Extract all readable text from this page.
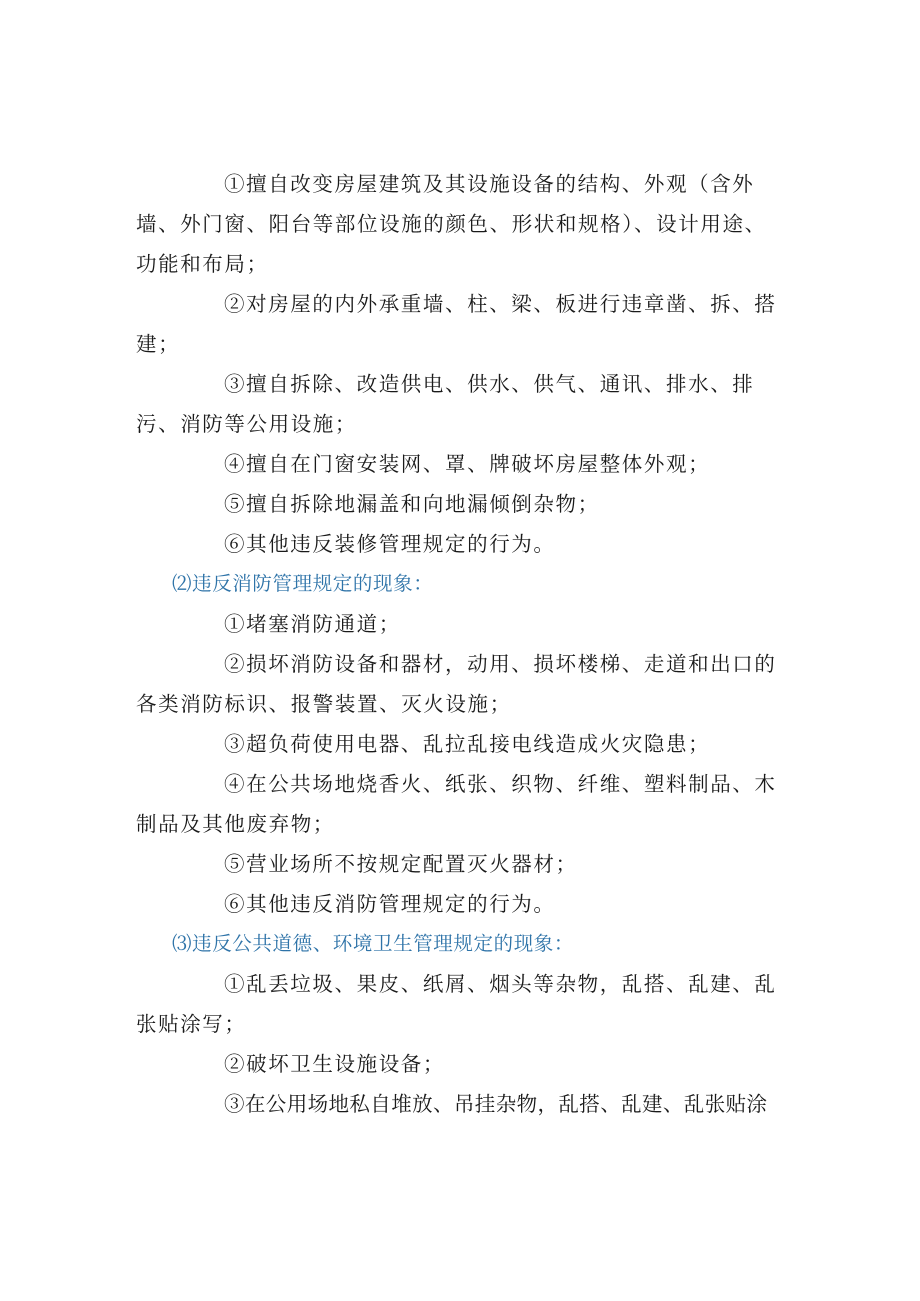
①擅自改变房屋建筑及其设施设备的结构、外观（含外墙、外门窗、阳台等部位设施的颜色、形状和规格）、设计用途、功能和布局；

②对房屋的内外承重墙、柱、梁、板进行违章凿、拆、搭建；

③擅自拆除、改造供电、供水、供气、通讯、排水、排污、消防等公用设施；

④擅自在门窗安装网、罩、牌破坏房屋整体外观；

⑤擅自拆除地漏盖和向地漏倾倒杂物；

⑥其他违反装修管理规定的行为。

⑵违反消防管理规定的现象：

①堵塞消防通道；

②损坏消防设备和器材，动用、损坏楼梯、走道和出口的各类消防标识、报警装置、灭火设施；

③超负荷使用电器、乱拉乱接电线造成火灾隐患；

④在公共场地烧香火、纸张、织物、纤维、塑料制品、木制品及其他废弃物；

⑤营业场所不按规定配置灭火器材；

⑥其他违反消防管理规定的行为。

⑶违反公共道德、环境卫生管理规定的现象：

①乱丢垃圾、果皮、纸屑、烟头等杂物，乱搭、乱建、乱张贴涂写；

②破坏卫生设施设备；

③在公用场地私自堆放、吊挂杂物，乱搭、乱建、乱张贴涂
